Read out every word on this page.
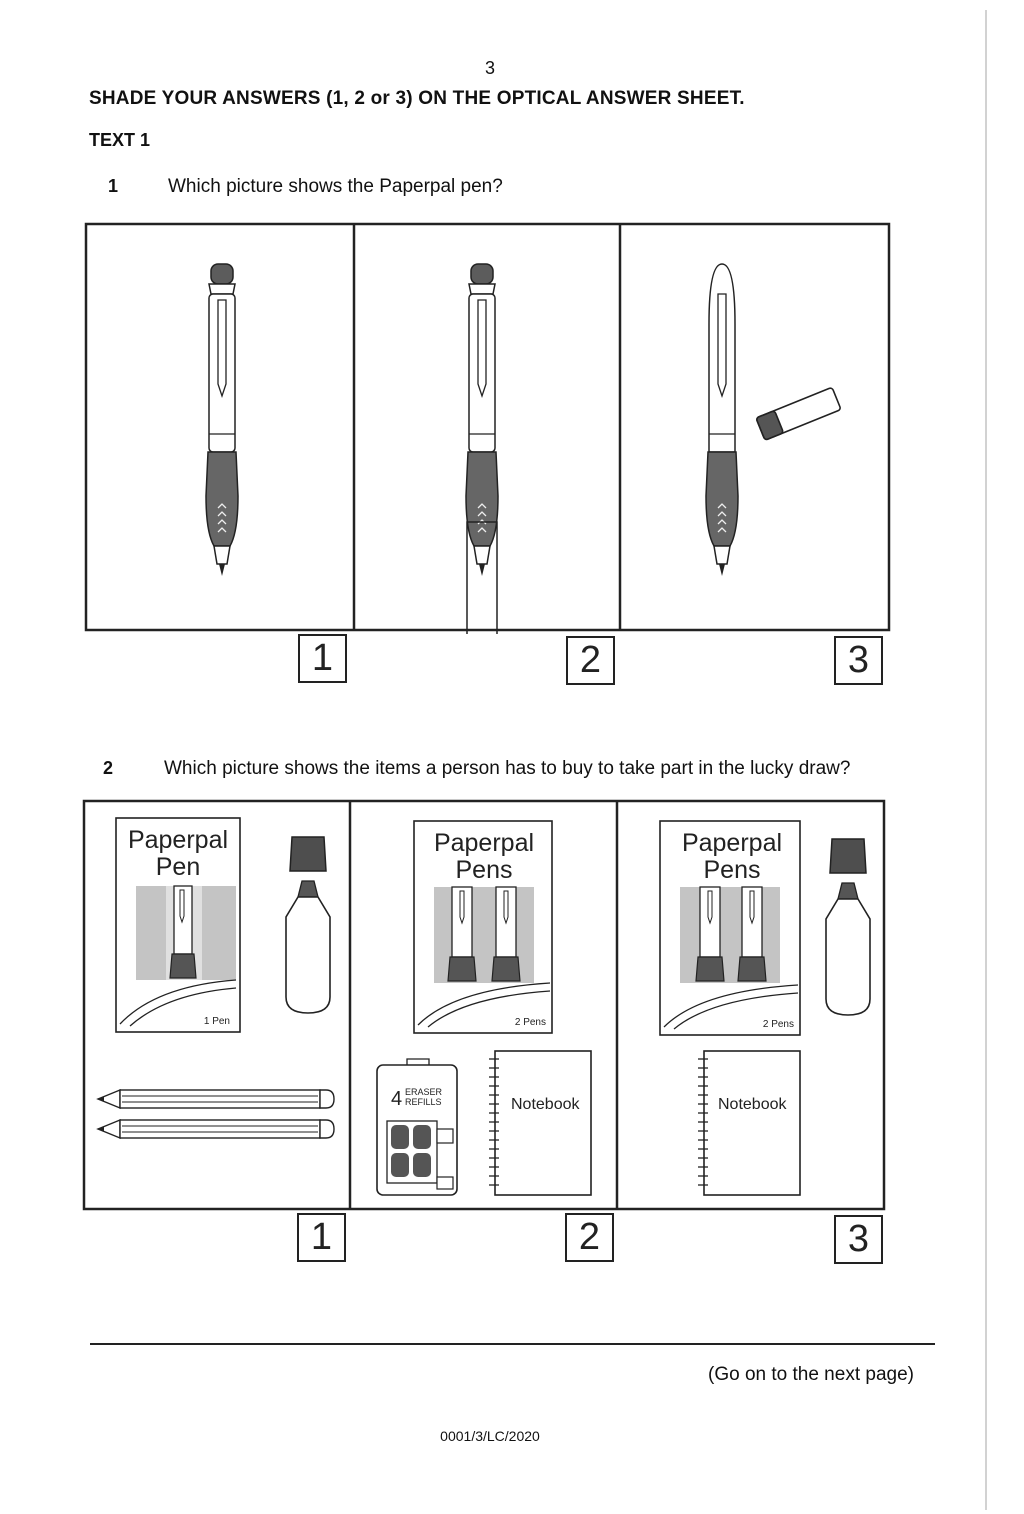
3
SHADE YOUR ANSWERS (1, 2 or 3) ON THE OPTICAL ANSWER SHEET.
TEXT 1
1	Which picture shows the Paperpal pen?
1	2	3
2	Which picture shows the items a person has to buy to take part in the lucky draw?
Paperpal
Pen
1 Pen
Paperpal
Pens
2 Pens
4 ERASER
REFILLS	Notebook
Paperpal
Pens
2 Pens
Notebook
1	2	3
(Go on to the next page)
0001/3/LC/2020
